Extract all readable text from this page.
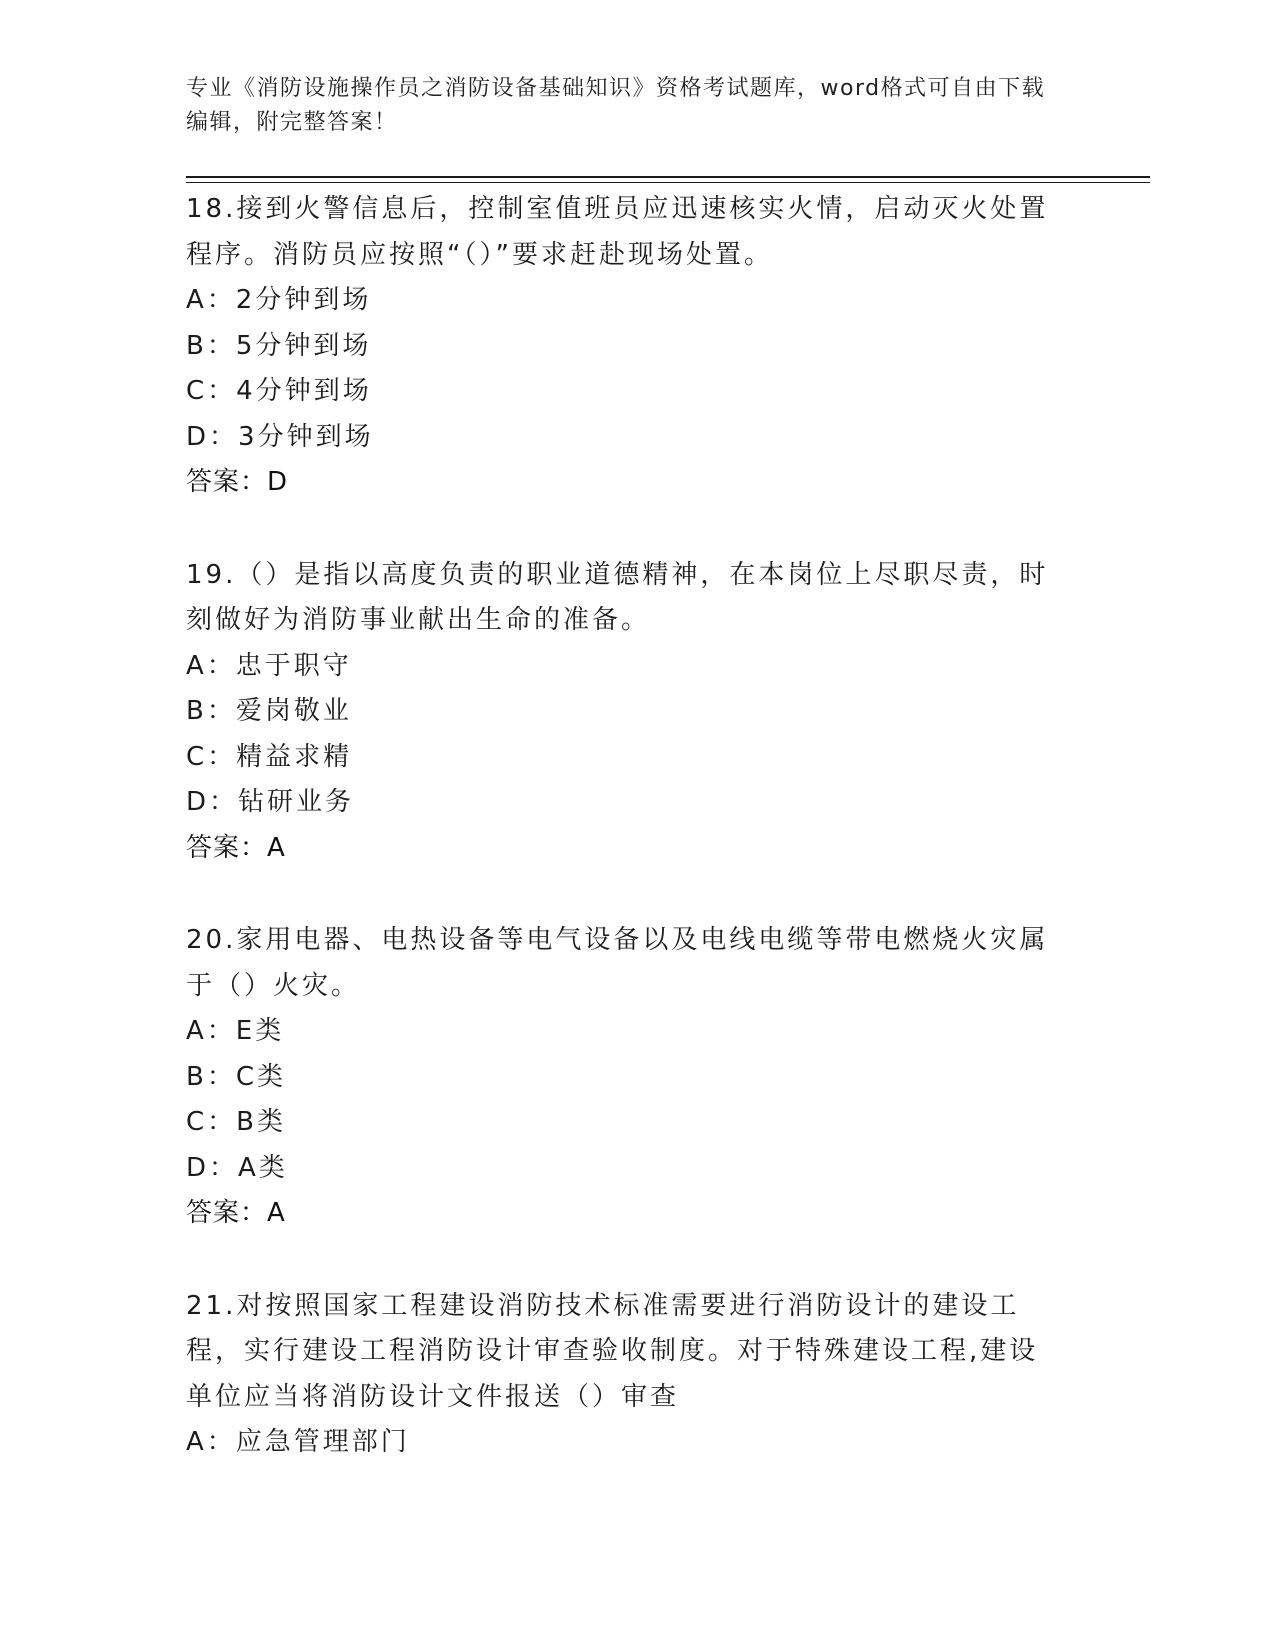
专业《消防设施操作员之消防设备基础知识》资格考试题库，word格式可自由下载编辑，附完整答案！
18.接到火警信息后，控制室值班员应迅速核实火情，启动灭火处置程序。消防员应按照“（）”要求赶赴现场处置。
A：2分钟到场
B：5分钟到场
C：4分钟到场
D：3分钟到场
答案：D
19.（）是指以高度负责的职业道德精神，在本岗位上尽职尽责，时刻做好为消防事业献出生命的准备。
A：忠于职守
B：爱岗敬业
C：精益求精
D：钻研业务
答案：A
20.家用电器、电热设备等电气设备以及电线电缆等带电燃烧火灾属于（）火灾。
A：E类
B：C类
C：B类
D：A类
答案：A
21.对按照国家工程建设消防技术标准需要进行消防设计的建设工程，实行建设工程消防设计审查验收制度。对于特殊建设工程,建设单位应当将消防设计文件报送（）审查
A：应急管理部门
